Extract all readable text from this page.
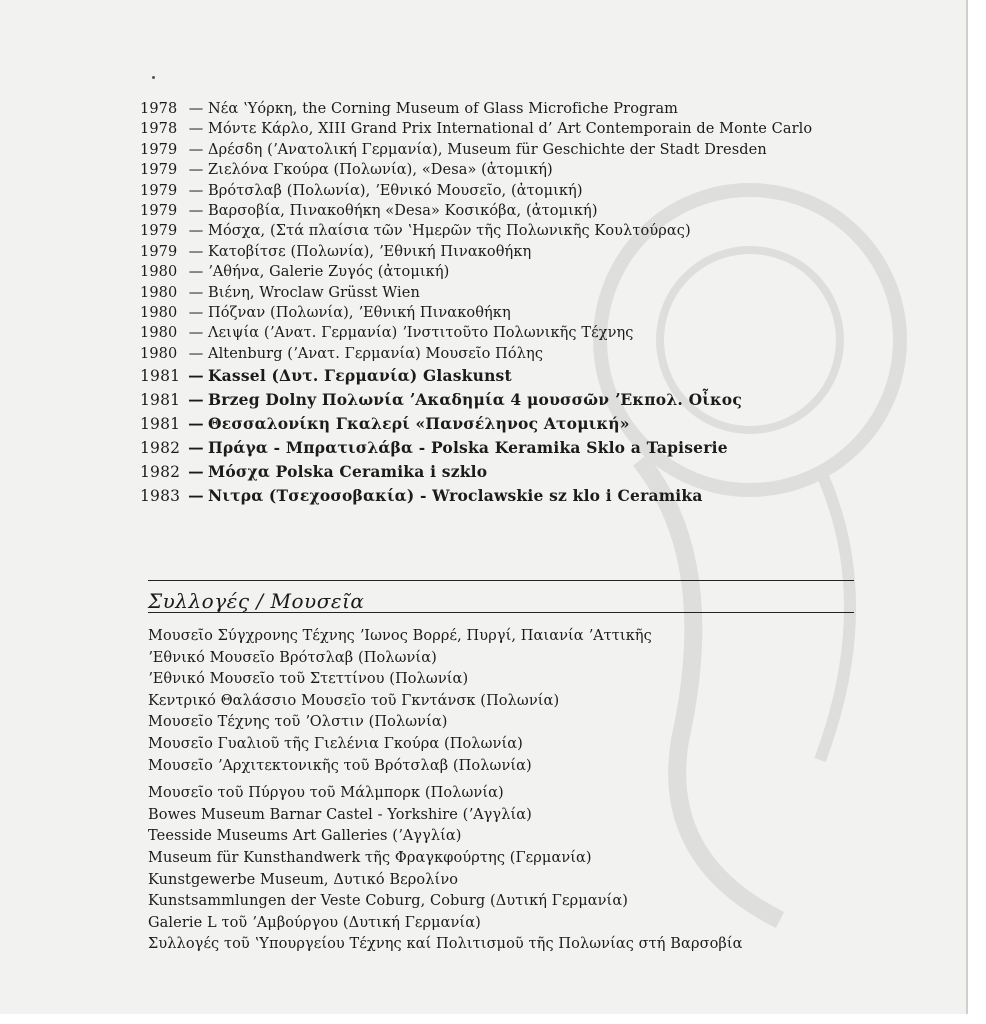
1978 — Νέα ʽΥόρκη, the Corning Museum of Glass Microfiche Program
1978 — Μόντε Κάρλο, XIII Grand Prix International d’ Art Contemporain de Monte Carlo
1979 — Δρέσδη (ʼΑνατολική Γερμανία), Museum für Geschichte der Stadt Dresden
1979 — Ζιελόνα Γκούρα (Πολωνία), «Desa» (ἀτομική)
1979 — Βρότσλαβ (Πολωνία), ʼΕθνικό Μουσεῖο, (ἀτομική)
1979 — Βαρσοβία, Πινακοθήκη «Desa» Κοσικόβα, (ἀτομική)
1979 — Μόσχα, (Στά πλαίσια τῶν ʽΗμερῶν τῆς Πολωνικῆς Κουλτούρας)
1979 — Κατοβίτσε (Πολωνία), ʼΕθνική Πινακοθήκη
1980 — ʼΑθήνα, Galerie Ζυγός (ἀτομική)
1980 — Βιένη, Wroclaw Grüsst Wien
1980 — Πόζναν (Πολωνία), ʼΕθνική Πινακοθήκη
1980 — Λειψία (ʼΑνατ. Γερμανία) ʼΙνστιτοῦτο Πολωνικῆς Τέχνης
1980 — Altenburg (ʼΑνατ. Γερμανία) Μουσεῖο Πόλης
1981 — Kassel (Δυτ. Γερμανία) Glaskunst
1981 — Brzeg Dolny Πολωνία ʼΑκαδημία 4 μουσσῶν ʼΕκπολ. Οἶκος
1981 — Θεσσαλονίκη Γκαλερί «Πανσέληνος Ατομική»
1982 — Πράγα - Μπρατισλάβα - Polska Keramika Sklo a Tapiserie
1982 — Μόσχα Polska Ceramika i szklo
1983 — Νιτρα (Τσεχοσοβακία) - Wroclawskie sz klo i Ceramika
Συλλογές / Μουσεῖα
Μουσεῖο Σύγχρονης Τέχνης ʼΙωνος Βορρέ, Πυργί, Παιανία ʼΑττικῆς
ʼΕθνικό Μουσεῖο Βρότσλαβ (Πολωνία)
ʼΕθνικό Μουσεῖο τοῦ Στεττίνου (Πολωνία)
Κεντρικό Θαλάσσιο Μουσεῖο τοῦ Γκντάνσκ (Πολωνία)
Μουσεῖο Τέχνης τοῦ ʼΟλστιν (Πολωνία)
Μουσεῖο Γυαλιοῦ τῆς Γιελένια Γκούρα (Πολωνία)
Μουσεῖο ʼΑρχιτεκτονικῆς τοῦ Βρότσλαβ (Πολωνία)
Μουσεῖο τοῦ Πύργου τοῦ Μάλμπορκ (Πολωνία)
Bowes Museum Barnar Castel - Yorkshire (ʼΑγγλία)
Teesside Museums Art Galleries (ʼΑγγλία)
Museum für Kunsthandwerk τῆς Φραγκφούρτης (Γερμανία)
Kunstgewerbe Museum, Δυτικό Βερολίνο
Kunstsammlungen der Veste Coburg, Coburg (Δυτική Γερμανία)
Galerie L τοῦ ʼΑμβούργου (Δυτική Γερμανία)
Συλλογές τοῦ ʽΥπουργείου Τέχνης καί Πολιτισμοῦ τῆς Πολωνίας στή Βαρσοβία
